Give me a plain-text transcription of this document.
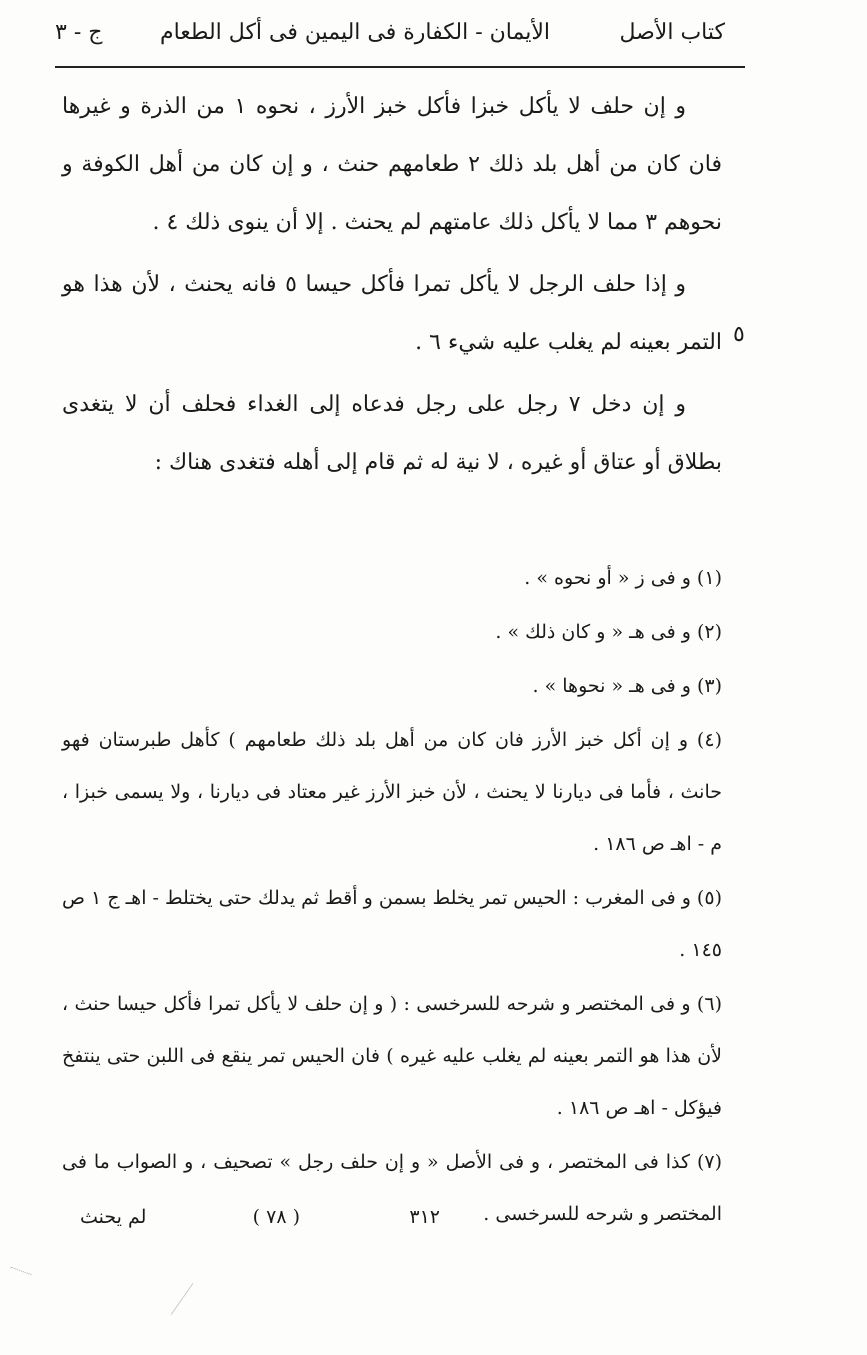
كتاب الأصل
الأيمان - الكفارة فى اليمين فى أكل الطعام
ج - ٣

و إن حلف لا يأكل خبزا فأكل خبز الأرز ، نحوه ١ من الذرة و غيرها فان كان من أهل بلد ذلك ٢ طعامهم حنث ، و إن كان من أهل الكوفة و نحوهم ٣ مما لا يأكل ذلك عامتهم لم يحنث . إلا أن ينوى ذلك ٤ .

و إذا حلف الرجل لا يأكل تمرا فأكل حيسا ٥ فانه يحنث ، لأن هذا هو التمر بعينه لم يغلب عليه شيء ٦ .

و إن دخل ٧ رجل على رجل فدعاه إلى الغداء فحلف أن لا يتغدى بطلاق أو عتاق أو غيره ، لا نية له ثم قام إلى أهله فتغدى هناك :

٥

(١) و فى ز « أو نحوه » .

(٢) و فى هـ « و كان ذلك » .

(٣) و فى هـ « نحوها » .

(٤) و إن أكل خبز الأرز فان كان من أهل بلد ذلك طعامهم ) كأهل طبرستان فهو حانث ، فأما فى ديارنا لا يحنث ، لأن خبز الأرز غير معتاد فى ديارنا ، ولا يسمى خبزا ، م - اهـ ص ١٨٦ .

(٥) و فى المغرب : الحيس تمر يخلط بسمن و أقط ثم يدلك حتى يختلط - اهـ ج ١ ص ١٤٥ .

(٦) و فى المختصر و شرحه للسرخسى : ( و إن حلف لا يأكل تمرا فأكل حيسا حنث ، لأن هذا هو التمر بعينه لم يغلب عليه غيره ) فان الحيس تمر ينقع فى اللبن حتى ينتفخ فيؤكل - اهـ ص ١٨٦ .

(٧) كذا فى المختصر ، و فى الأصل « و إن حلف رجل » تصحيف ، و الصواب ما فى المختصر و شرحه للسرخسى .

٣١٢
( ٧٨ )
لم يحنث
